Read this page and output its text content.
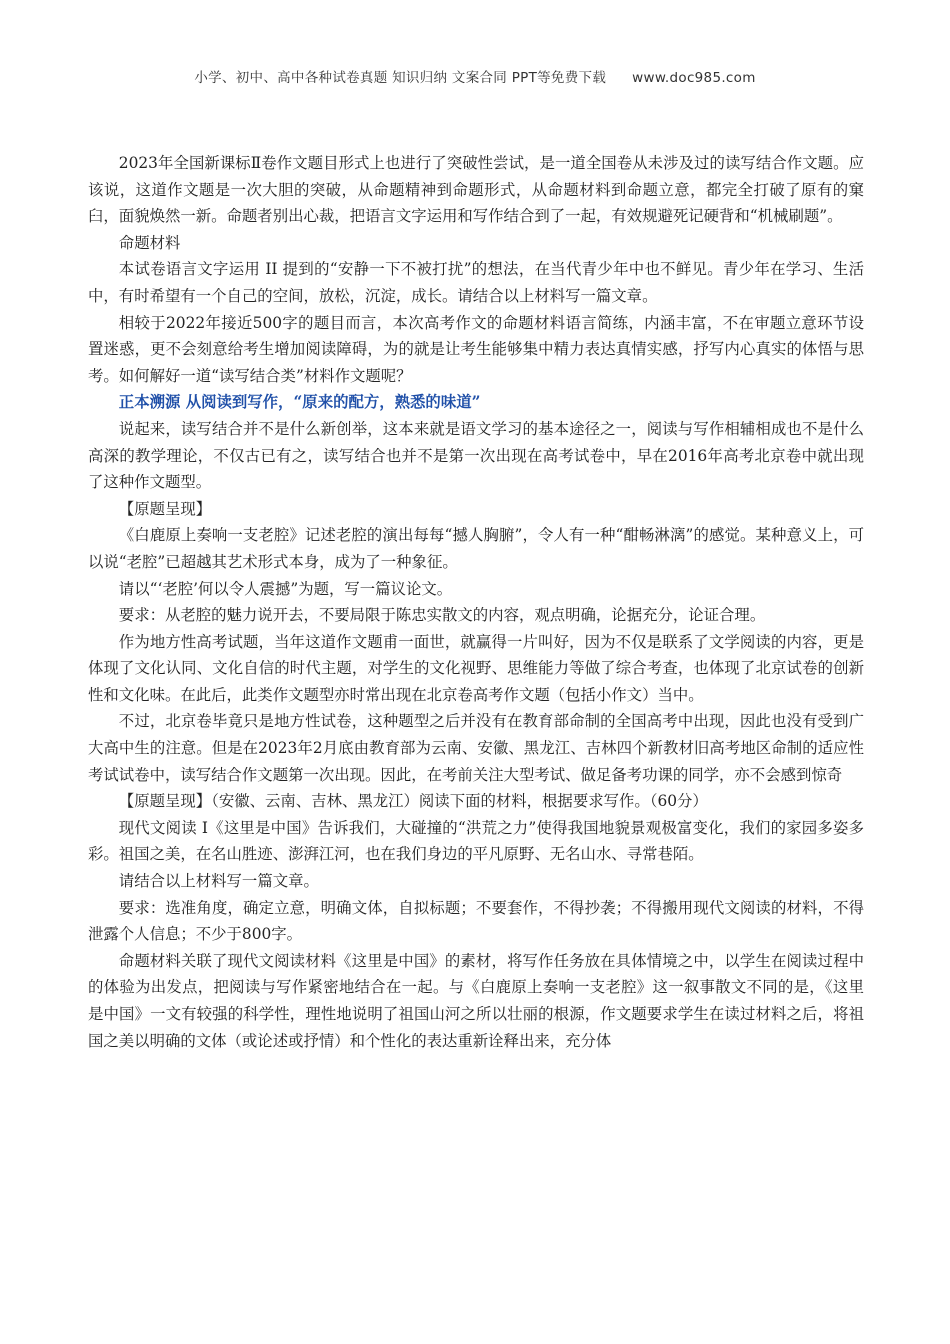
小学、初中、高中各种试卷真题 知识归纳 文案合同 PPT等免费下载 www.doc985.com

2023年全国新课标Ⅱ卷作文题目形式上也进行了突破性尝试，是一道全国卷从未涉及过的读写结合作文题。应该说，这道作文题是一次大胆的突破，从命题精神到命题形式，从命题材料到命题立意，都完全打破了原有的窠臼，面貌焕然一新。命题者别出心裁，把语言文字运用和写作结合到了一起，有效规避死记硬背和“机械刷题”。

命题材料

本试卷语言文字运用 II 提到的“安静一下不被打扰”的想法，在当代青少年中也不鲜见。青少年在学习、生活中，有时希望有一个自己的空间，放松，沉淀，成长。请结合以上材料写一篇文章。

相较于2022年接近500字的题目而言，本次高考作文的命题材料语言简练，内涵丰富，不在审题立意环节设置迷惑，更不会刻意给考生增加阅读障碍，为的就是让考生能够集中精力表达真情实感，抒写内心真实的体悟与思考。如何解好一道“读写结合类”材料作文题呢？

正本溯源 从阅读到写作，“原来的配方，熟悉的味道”

说起来，读写结合并不是什么新创举，这本来就是语文学习的基本途径之一，阅读与写作相辅相成也不是什么高深的教学理论，不仅古已有之，读写结合也并不是第一次出现在高考试卷中，早在2016年高考北京卷中就出现了这种作文题型。

【原题呈现】

《白鹿原上奏响一支老腔》记述老腔的演出每每“撼人胸腑”，令人有一种“酣畅淋漓”的感觉。某种意义上，可以说“老腔”已超越其艺术形式本身，成为了一种象征。

请以“‘老腔’何以令人震撼”为题，写一篇议论文。

要求：从老腔的魅力说开去，不要局限于陈忠实散文的内容，观点明确，论据充分，论证合理。

作为地方性高考试题，当年这道作文题甫一面世，就赢得一片叫好，因为不仅是联系了文学阅读的内容，更是体现了文化认同、文化自信的时代主题，对学生的文化视野、思维能力等做了综合考查，也体现了北京试卷的创新性和文化味。在此后，此类作文题型亦时常出现在北京卷高考作文题（包括小作文）当中。

不过，北京卷毕竟只是地方性试卷，这种题型之后并没有在教育部命制的全国高考中出现，因此也没有受到广大高中生的注意。但是在2023年2月底由教育部为云南、安徽、黑龙江、吉林四个新教材旧高考地区命制的适应性考试试卷中，读写结合作文题第一次出现。因此，在考前关注大型考试、做足备考功课的同学，亦不会感到惊奇

【原题呈现】（安徽、云南、吉林、黑龙江）阅读下面的材料，根据要求写作。（60分）

现代文阅读 I《这里是中国》告诉我们，大碰撞的“洪荒之力”使得我国地貌景观极富变化，我们的家园多姿多彩。祖国之美，在名山胜迹、澎湃江河，也在我们身边的平凡原野、无名山水、寻常巷陌。

请结合以上材料写一篇文章。

要求：选准角度，确定立意，明确文体，自拟标题；不要套作，不得抄袭；不得搬用现代文阅读的材料，不得泄露个人信息；不少于800字。

命题材料关联了现代文阅读材料《这里是中国》的素材，将写作任务放在具体情境之中，以学生在阅读过程中的体验为出发点，把阅读与写作紧密地结合在一起。与《白鹿原上奏响一支老腔》这一叙事散文不同的是，《这里是中国》一文有较强的科学性，理性地说明了祖国山河之所以壮丽的根源，作文题要求学生在读过材料之后，将祖国之美以明确的文体（或论述或抒情）和个性化的表达重新诠释出来，充分体
